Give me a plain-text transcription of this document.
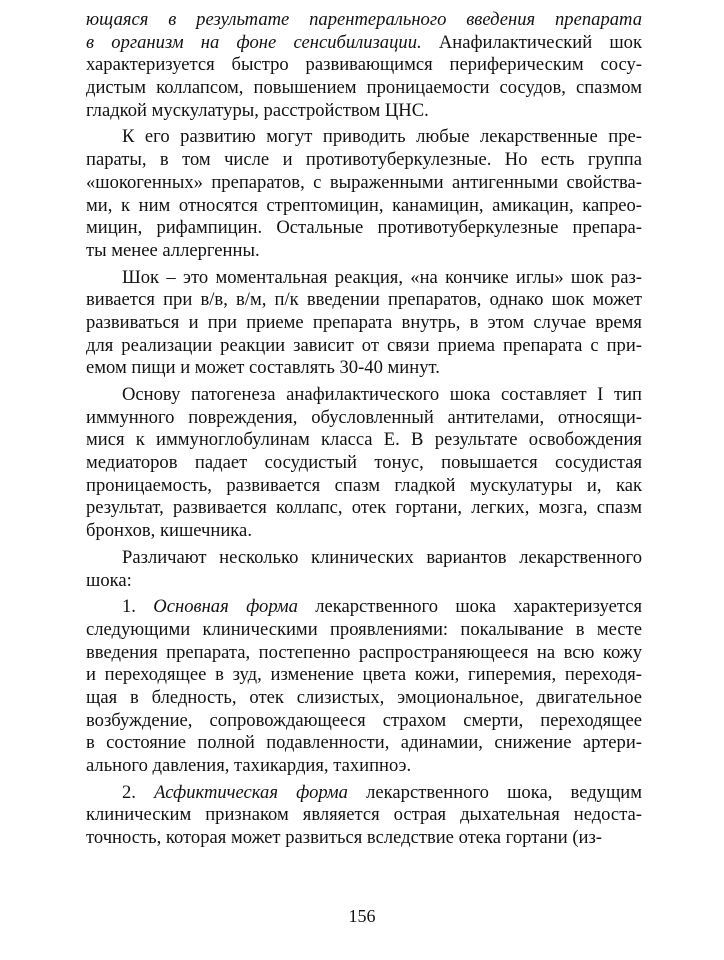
ющаяся в результате парентерального введения препарата
в организм на фоне сенсибилизации. Анафилактический шок
характеризуется быстро развивающимся периферическим сосу-
дистым коллапсом, повышением проницаемости сосудов, спазмом
гладкой мускулатуры, расстройством ЦНС.
К его развитию могут приводить любые лекарственные пре-
параты, в том числе и противотуберкулезные. Но есть группа
«шокогенных» препаратов, с выраженными антигенными свойства-
ми, к ним относятся стрептомицин, канамицин, амикацин, капрео-
мицин, рифампицин. Остальные противотуберкулезные препара-
ты менее аллергенны.
Шок – это моментальная реакция, «на кончике иглы» шок раз-
вивается при в/в, в/м, п/к введении препаратов, однако шок может
развиваться и при приеме препарата внутрь, в этом случае время
для реализации реакции зависит от связи приема препарата с при-
емом пищи и может составлять 30-40 минут.
Основу патогенеза анафилактического шока составляет I тип
иммунного повреждения, обусловленный антителами, относящи-
мися к иммуноглобулинам класса Е. В результате освобождения
медиаторов падает сосудистый тонус, повышается сосудистая
проницаемость, развивается спазм гладкой мускулатуры и, как
результат, развивается коллапс, отек гортани, легких, мозга, спазм
бронхов, кишечника.
Различают несколько клинических вариантов лекарственного
шока:
1. Основная форма лекарственного шока характеризуется
следующими клиническими проявлениями: покалывание в месте
введения препарата, постепенно распространяющееся на всю кожу
и переходящее в зуд, изменение цвета кожи, гиперемия, переходя-
щая в бледность, отек слизистых, эмоциональное, двигательное
возбуждение, сопровождающееся страхом смерти, переходящее
в состояние полной подавленности, адинамии, снижение артери-
ального давления, тахикардия, тахипноэ.
2. Асфиктическая форма лекарственного шока, ведущим
клиническим признаком являяется острая дыхательная недоста-
точность, которая может развиться вследствие отека гортани (из-
156
